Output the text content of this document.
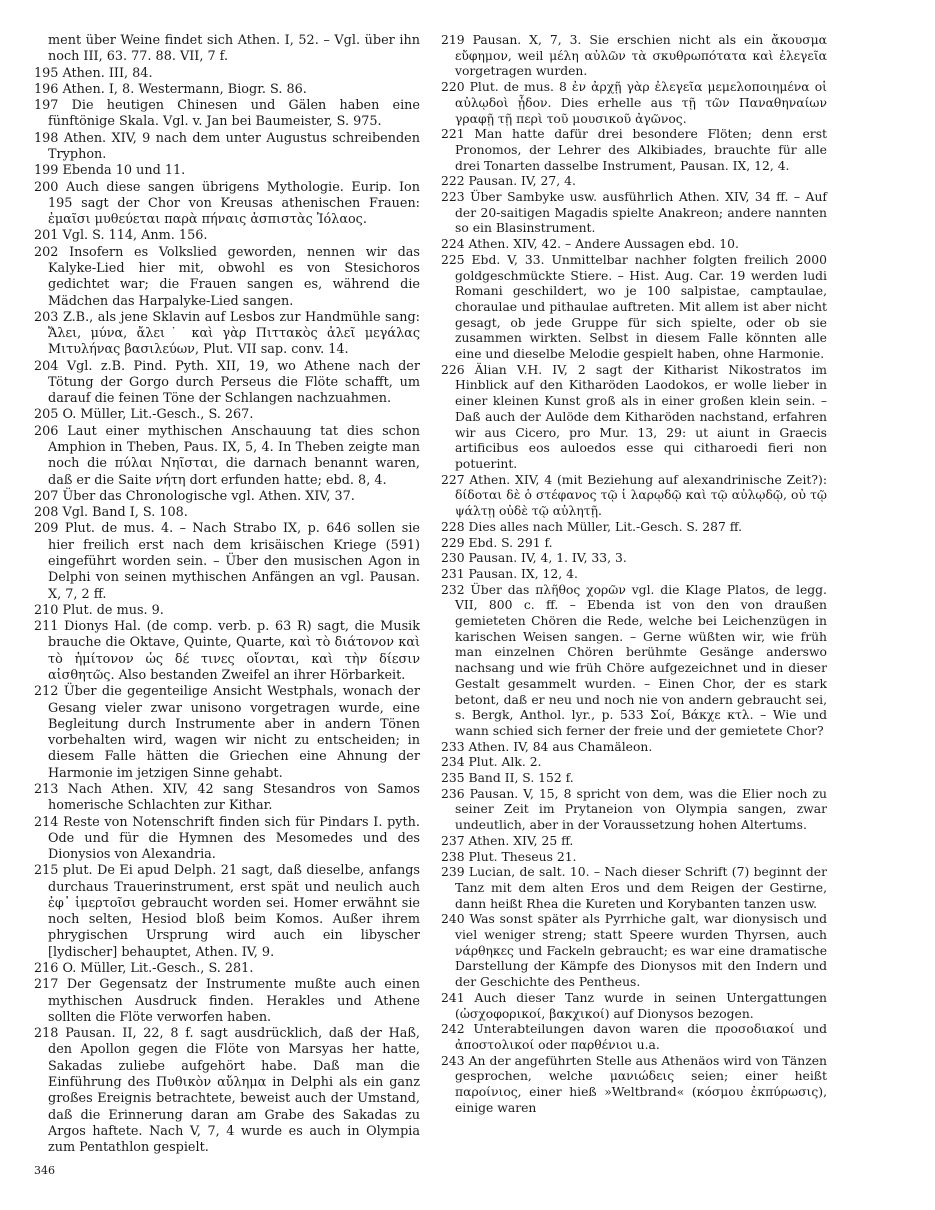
ment über Weine findet sich Athen. I, 52. – Vgl. über ihn noch III, 63. 77. 88. VII, 7 f.

195 Athen. III, 84.

196 Athen. I, 8. Westermann, Biogr. S. 86.

197 Die heutigen Chinesen und Gälen haben eine fünftönige Skala. Vgl. v. Jan bei Baumeister, S. 975.

198 Athen. XIV, 9 nach dem unter Augustus schreibenden Tryphon.

199 Ebenda 10 und 11.

200 Auch diese sangen übrigens Mythologie. Eurip. Ion 195 sagt der Chor von Kreusas athenischen Frauen: ἐμαῖσι μυθεύεται παρὰ πήναις ἀσπιστὰς Ἰόλαος.

201 Vgl. S. 114, Anm. 156.

202 Insofern es Volkslied geworden, nennen wir das Kalyke-Lied hier mit, obwohl es von Stesichoros gedichtet war; die Frauen sangen es, während die Mädchen das Harpalyke-Lied sangen.

203 Z.B., als jene Sklavin auf Lesbos zur Handmühle sang: Ἄλει, μύνα, ἄλει˙ καὶ γὰρ Πιττακὸς ἀλεῖ μεγάλας Μιτυλήνας βασιλεύων, Plut. VII sap. conv. 14.

204 Vgl. z.B. Pind. Pyth. XII, 19, wo Athene nach der Tötung der Gorgo durch Perseus die Flöte schafft, um darauf die feinen Töne der Schlangen nachzuahmen.

205 O. Müller, Lit.-Gesch., S. 267.

206 Laut einer mythischen Anschauung tat dies schon Amphion in Theben, Paus. IX, 5, 4. In Theben zeigte man noch die πύλαι Νηῖσται, die darnach benannt waren, daß er die Saite νήτη dort erfunden hatte; ebd. 8, 4.

207 Über das Chronologische vgl. Athen. XIV, 37.

208 Vgl. Band I, S. 108.

209 Plut. de mus. 4. – Nach Strabo IX, p. 646 sollen sie hier freilich erst nach dem krisäischen Kriege (591) eingeführt worden sein. – Über den musischen Agon in Delphi von seinen mythischen Anfängen an vgl. Pausan. X, 7, 2 ff.

210 Plut. de mus. 9.

211 Dionys Hal. (de comp. verb. p. 63 R) sagt, die Musik brauche die Oktave, Quinte, Quarte, καὶ τὸ διάτονον καὶ τὸ ἡμίτονον ὡς δέ τινες οἴονται, καὶ τὴν δίεσιν αἰσθητῶς. Also bestanden Zweifel an ihrer Hörbarkeit.

212 Über die gegenteilige Ansicht Westphals, wonach der Gesang vieler zwar unisono vorgetragen wurde, eine Begleitung durch Instrumente aber in andern Tönen vorbehalten wird, wagen wir nicht zu entscheiden; in diesem Falle hätten die Griechen eine Ahnung der Harmonie im jetzigen Sinne gehabt.

213 Nach Athen. XIV, 42 sang Stesandros von Samos homerische Schlachten zur Kithar.

214 Reste von Notenschrift finden sich für Pindars I. pyth. Ode und für die Hymnen des Mesomedes und des Dionysios von Alexandria.

215 plut. De Ei apud Delph. 21 sagt, daß dieselbe, anfangs durchaus Trauerinstrument, erst spät und neulich auch ἐφ᾽ ἱμερτοῖσι gebraucht worden sei. Homer erwähnt sie noch selten, Hesiod bloß beim Komos. Außer ihrem phrygischen Ursprung wird auch ein libyscher [lydischer] behauptet, Athen. IV, 9.

216 O. Müller, Lit.-Gesch., S. 281.

217 Der Gegensatz der Instrumente mußte auch einen mythischen Ausdruck finden. Herakles und Athene sollten die Flöte verworfen haben.

218 Pausan. II, 22, 8 f. sagt ausdrücklich, daß der Haß, den Apollon gegen die Flöte von Marsyas her hatte, Sakadas zuliebe aufgehört habe. Daß man die Einführung des Πυθικὸν αὔλημα in Delphi als ein ganz großes Ereignis betrachtete, beweist auch der Umstand, daß die Erinnerung daran am Grabe des Sakadas zu Argos haftete. Nach V, 7, 4 wurde es auch in Olympia zum Pentathlon gespielt.

219 Pausan. X, 7, 3. Sie erschien nicht als ein ἄκουσμα εὔφημον, weil μέλη αὐλῶν τὰ σκυθρωπότατα καὶ ἐλεγεῖα vorgetragen wurden.

220 Plut. de mus. 8 ἐν ἀρχῇ γὰρ ἐλεγεῖα μεμελοποιημένα οἱ αὐλῳδοὶ ᾖδον. Dies erhelle aus τῇ τῶν Παναθηναίων γραφῇ τῇ περὶ τοῦ μουσικοῦ ἀγῶνος.

221 Man hatte dafür drei besondere Flöten; denn erst Pronomos, der Lehrer des Alkibiades, brauchte für alle drei Tonarten dasselbe Instrument, Pausan. IX, 12, 4.

222 Pausan. IV, 27, 4.

223 Über Sambyke usw. ausführlich Athen. XIV, 34 ff. – Auf der 20-saitigen Magadis spielte Anakreon; andere nannten so ein Blasinstrument.

224 Athen. XIV, 42. – Andere Aussagen ebd. 10.

225 Ebd. V, 33. Unmittelbar nachher folgten freilich 2000 goldgeschmückte Stiere. – Hist. Aug. Car. 19 werden ludi Romani geschildert, wo je 100 salpistae, camptaulae, choraulae und pithaulae auftreten. Mit allem ist aber nicht gesagt, ob jede Gruppe für sich spielte, oder ob sie zusammen wirkten. Selbst in diesem Falle könnten alle eine und dieselbe Melodie gespielt haben, ohne Harmonie.

226 Älian V.H. IV, 2 sagt der Kitharist Nikostratos im Hinblick auf den Kitharöden Laodokos, er wolle lieber in einer kleinen Kunst groß als in einer großen klein sein. – Daß auch der Aulöde dem Kitharöden nachstand, erfahren wir aus Cicero, pro Mur. 13, 29: ut aiunt in Graecis artificibus eos auloedos esse qui citharoedi fieri non potuerint.

227 Athen. XIV, 4 (mit Beziehung auf alexandrinische Zeit?): δίδοται δὲ ὁ στέφανος τῷ ἱ λαρῳδῷ καὶ τῷ αὐλῳδῷ, οὐ τῷ ψάλτῃ οὐδὲ τῷ αὐλητῇ.

228 Dies alles nach Müller, Lit.-Gesch. S. 287 ff.

229 Ebd. S. 291 f.

230 Pausan. IV, 4, 1. IV, 33, 3.

231 Pausan. IX, 12, 4.

232 Über das πλῆθος χορῶν vgl. die Klage Platos, de legg. VII, 800 c. ff. – Ebenda ist von den von draußen gemieteten Chören die Rede, welche bei Leichenzügen in karischen Weisen sangen. – Gerne wüßten wir, wie früh man einzelnen Chören berühmte Gesänge anderswo nachsang und wie früh Chöre aufgezeichnet und in dieser Gestalt gesammelt wurden. – Einen Chor, der es stark betont, daß er neu und noch nie von andern gebraucht sei, s. Bergk, Anthol. lyr., p. 533 Σοί, Βάκχε κτλ. – Wie und wann schied sich ferner der freie und der gemietete Chor?

233 Athen. IV, 84 aus Chamäleon.

234 Plut. Alk. 2.

235 Band II, S. 152 f.

236 Pausan. V, 15, 8 spricht von dem, was die Elier noch zu seiner Zeit im Prytaneion von Olympia sangen, zwar undeutlich, aber in der Voraussetzung hohen Altertums.

237 Athen. XIV, 25 ff.

238 Plut. Theseus 21.

239 Lucian, de salt. 10. – Nach dieser Schrift (7) beginnt der Tanz mit dem alten Eros und dem Reigen der Gestirne, dann heißt Rhea die Kureten und Korybanten tanzen usw.

240 Was sonst später als Pyrrhiche galt, war dionysisch und viel weniger streng; statt Speere wurden Thyrsen, auch νάρθηκες und Fackeln gebraucht; es war eine dramatische Darstellung der Kämpfe des Dionysos mit den Indern und der Geschichte des Pentheus.

241 Auch dieser Tanz wurde in seinen Untergattungen (ὠσχοφορικοί, βακχικοί) auf Dionysos bezogen.

242 Unterabteilungen davon waren die προσοδιακοί und ἀποστολικοί oder παρθένιοι u.a.

243 An der angeführten Stelle aus Athenäos wird von Tänzen gesprochen, welche μανιώδεις seien; einer heißt παροίνιος, einer hieß »Weltbrand« (κόσμου ἐκπύρωσις), einige waren

346
